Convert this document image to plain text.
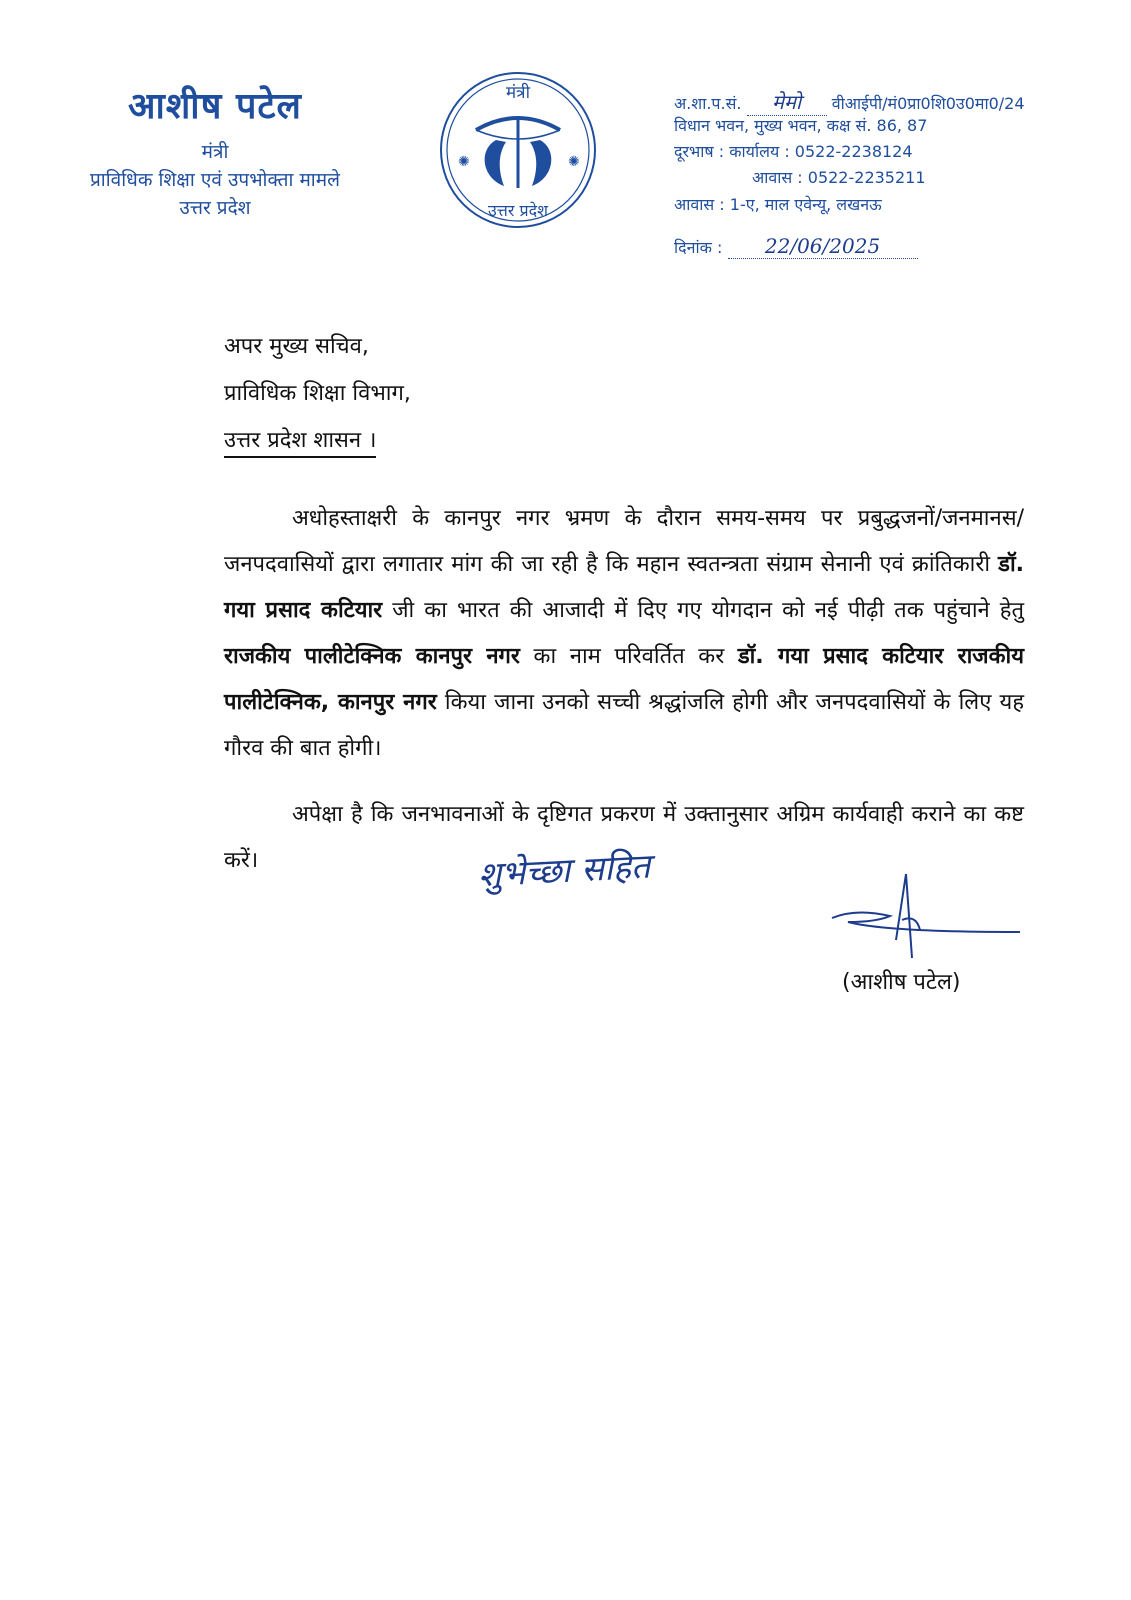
आशीष पटेल
मंत्री
प्राविधिक शिक्षा एवं उपभोक्ता मामले
उत्तर प्रदेश
मंत्री
✺	✺
उत्तर प्रदेश
अ.शा.प.सं. मेमो वीआईपी/मं0प्रा0शि0उ0मा0/24
विधान भवन, मुख्य भवन, कक्ष सं. 86, 87
दूरभाष : कार्यालय : 0522-2238124
आवास : 0522-2235211
आवास : 1-ए, माल एवेन्यू, लखनऊ
दिनांक : 22/06/2025
अपर मुख्य सचिव,
प्राविधिक शिक्षा विभाग,
उत्तर प्रदेश शासन ।
अधोहस्ताक्षरी के कानपुर नगर भ्रमण के दौरान समय-समय पर प्रबुद्धजनों/जनमानस/ जनपदवासियों द्वारा लगातार मांग की जा रही है कि महान स्वतन्त्रता संग्राम सेनानी एवं क्रांतिकारी डॉ. गया प्रसाद कटियार जी का भारत की आजादी में दिए गए योगदान को नई पीढ़ी तक पहुंचाने हेतु राजकीय पालीटेक्निक कानपुर नगर का नाम परिवर्तित कर डॉ. गया प्रसाद कटियार राजकीय पालीटेक्निक, कानपुर नगर किया जाना उनको सच्ची श्रद्धांजलि होगी और जनपदवासियों के लिए यह गौरव की बात होगी।
अपेक्षा है कि जनभावनाओं के दृष्टिगत प्रकरण में उक्तानुसार अग्रिम कार्यवाही कराने का कष्ट करें।	शुभेच्छा सहित
(आशीष पटेल)
